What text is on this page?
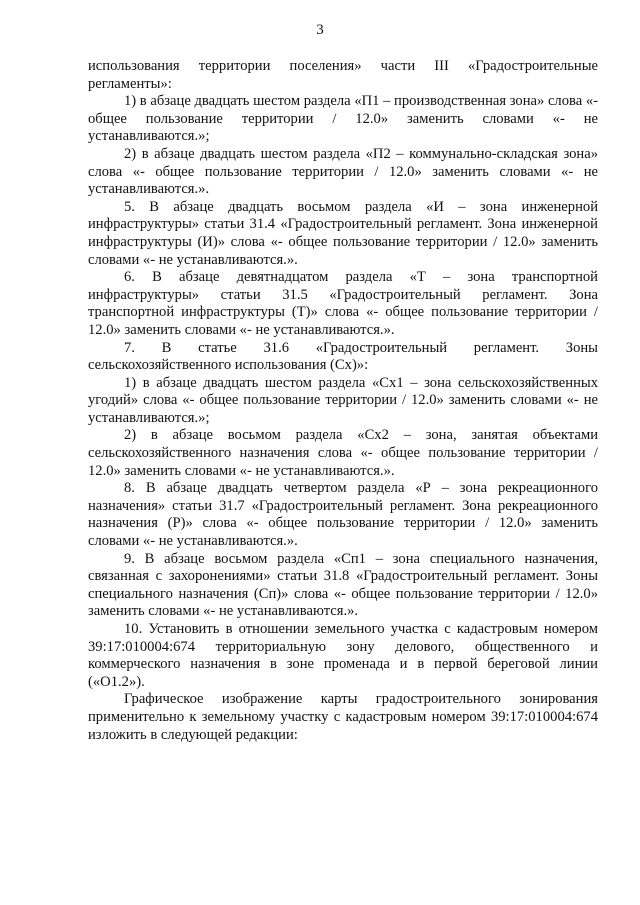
3

использования территории поселения» части III «Градостроительные регламенты»:

1) в абзаце двадцать шестом раздела «П1 – производственная зона» слова «- общее пользование территории / 12.0» заменить словами «- не устанавливаются.»;

2) в абзаце двадцать шестом раздела «П2 – коммунально-складская зона» слова «- общее пользование территории / 12.0» заменить словами «- не устанавливаются.».

5. В абзаце двадцать восьмом раздела «И – зона инженерной инфраструктуры» статьи 31.4 «Градостроительный регламент. Зона инженерной инфраструктуры (И)» слова «- общее пользование территории / 12.0» заменить словами «- не устанавливаются.».

6. В абзаце девятнадцатом раздела «Т – зона транспортной инфраструктуры» статьи 31.5 «Градостроительный регламент. Зона транспортной инфраструктуры (Т)» слова «- общее пользование территории / 12.0» заменить словами «- не устанавливаются.».

7. В статье 31.6 «Градостроительный регламент. Зоны сельскохозяйственного использования (Сх)»:

1) в абзаце двадцать шестом раздела «Сх1 – зона сельскохозяйственных угодий» слова «- общее пользование территории / 12.0» заменить словами «- не устанавливаются.»;

2) в абзаце восьмом раздела «Сх2 – зона, занятая объектами сельскохозяйственного назначения слова «- общее пользование территории / 12.0» заменить словами «- не устанавливаются.».

8. В абзаце двадцать четвертом раздела «Р – зона рекреационного назначения» статьи 31.7 «Градостроительный регламент. Зона рекреационного назначения (Р)» слова «- общее пользование территории / 12.0» заменить словами «- не устанавливаются.».

9. В абзаце восьмом раздела «Сп1 – зона специального назначения, связанная с захоронениями» статьи 31.8 «Градостроительный регламент. Зоны специального назначения (Сп)» слова «- общее пользование территории / 12.0» заменить словами «- не устанавливаются.».

10. Установить в отношении земельного участка с кадастровым номером 39:17:010004:674 территориальную зону делового, общественного и коммерческого назначения в зоне променада и в первой береговой линии («О1.2»).

Графическое изображение карты градостроительного зонирования применительно к земельному участку с кадастровым номером 39:17:010004:674 изложить в следующей редакции:
